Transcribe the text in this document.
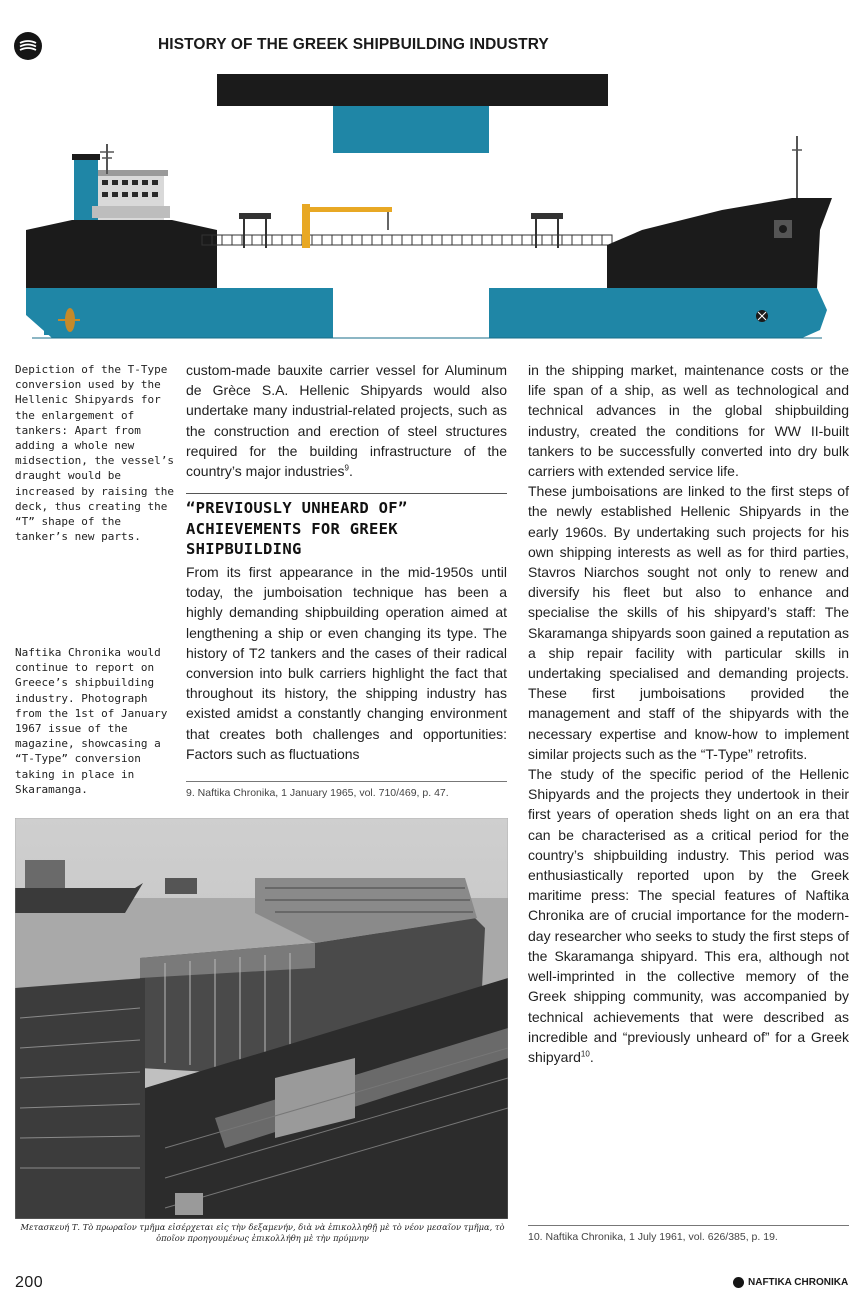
HISTORY OF THE GREEK SHIPBUILDING INDUSTRY
Depiction of the T-Type conversion used by the Hellenic Shipyards for the enlargement of tankers: Apart from adding a whole new midsection, the vessel’s draught would be increased by raising the deck, thus creating the “T” shape of the tanker’s new parts.
Naftika Chronika would continue to report on Greece’s shipbuilding industry. Photograph from the 1st of January 1967 issue of the magazine, showcasing a “T-Type” conversion taking in place in Skaramanga.

custom-made bauxite carrier vessel for Aluminum de Grèce S.A. Hellenic Shipyards would also undertake many industrial-related projects, such as the construction and erection of steel structures required for the building infrastructure of the country’s major industries$^9$.

“PREVIOUSLY UNHEARD OF” ACHIEVEMENTS FOR GREEK SHIPBUILDING

From its first appearance in the mid-1950s until today, the jumboisation technique has been a highly demanding shipbuilding operation aimed at lengthening a ship or even changing its type. The history of T2 tankers and the cases of their radical conversion into bulk carriers highlight the fact that throughout its history, the shipping industry has existed amidst a constantly changing environment that creates both challenges and opportunities: Factors such as fluctuations

9. Naftika Chronika, 1 January 1965, vol. 710/469, p. 47.

in the shipping market, maintenance costs or the life span of a ship, as well as technological and technical advances in the global shipbuilding industry, created the conditions for WW II-built tankers to be successfully converted into dry bulk carriers with extended service life.

These jumboisations are linked to the first steps of the newly established Hellenic Shipyards in the early 1960s. By undertaking such projects for his own shipping interests as well as for third parties, Stavros Niarchos sought not only to renew and diversify his fleet but also to enhance and specialise the skills of his shipyard’s staff: The Skaramanga shipyards soon gained a reputation as a ship repair facility with particular skills in undertaking specialised and demanding projects. These first jumboisations provided the management and staff of the shipyards with the necessary expertise and know-how to implement similar projects such as the “T-Type” retrofits.

The study of the specific period of the Hellenic Shipyards and the projects they undertook in their first years of operation sheds light on an era that can be characterised as a critical period for the country’s shipbuilding industry. This period was enthusiastically reported upon by the Greek maritime press: The special features of Naftika Chronika are of crucial importance for the modern-day researcher who seeks to study the first steps of the Skaramanga shipyard. This era, although not well-imprinted in the collective memory of the Greek shipping community, was accompanied by technical achievements that were described as incredible and “previously unheard of” for a Greek shipyard$^{10}$.

10. Naftika Chronika, 1 July 1961, vol. 626/385, p. 19.
Μετασκευή Τ. Τὸ πρωραῖον τμῆμα εἰσέρχεται εἰς τὴν δεξαμενήν, διὰ νὰ ἐπικολληθῇ μὲ τὸ νέον μεσαῖον τμῆμα, τὸ ὁποῖον προηγουμένως ἐπικολλήθη μὲ τὴν πρύμνην
200	NAFTIKA CHRONIKA
